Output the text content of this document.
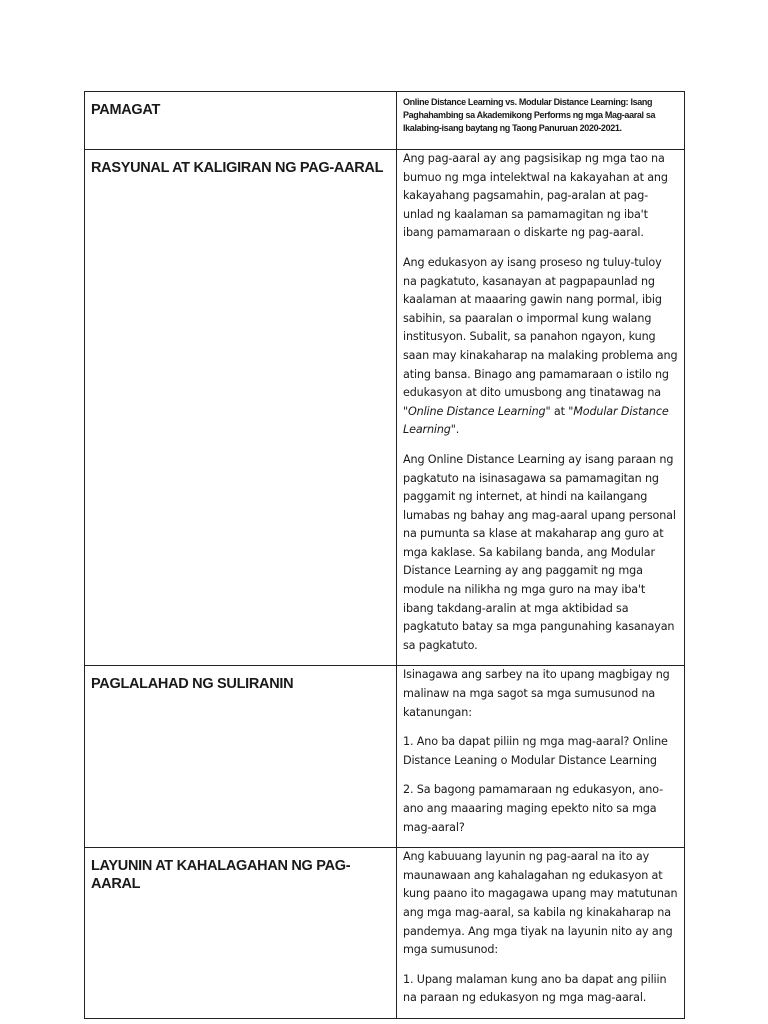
PAMAGAT	Online Distance Learning vs. Modular Distance Learning: Isang Paghahambing sa Akademikong Performs ng mga Mag-aaral sa Ikalabing-isang baytang ng Taong Panuruan 2020-2021.

RASYUNAL AT KALIGIRAN NG PAG-AARAL	Ang pag-aaral ay ang pagsisikap ng mga tao na bumuo ng mga intelektwal na kakayahan at ang kakayahang pagsamahin, pag-aralan at pag-unlad ng kaalaman sa pamamagitan ng iba't ibang pamamaraan o diskarte ng pag-aaral.

Ang edukasyon ay isang proseso ng tuluy-tuloy na pagkatuto, kasanayan at pagpapaunlad ng kaalaman at maaaring gawin nang pormal, ibig sabihin, sa paaralan o impormal kung walang institusyon. Subalit, sa panahon ngayon, kung saan may kinakaharap na malaking problema ang ating bansa. Binago ang pamamaraan o istilo ng edukasyon at dito umusbong ang tinatawag na "Online Distance Learning" at "Modular Distance Learning".

Ang Online Distance Learning ay isang paraan ng pagkatuto na isinasagawa sa pamamagitan ng paggamit ng internet, at hindi na kailangang lumabas ng bahay ang mag-aaral upang personal na pumunta sa klase at makaharap ang guro at mga kaklase. Sa kabilang banda, ang Modular Distance Learning ay ang paggamit ng mga module na nilikha ng mga guro na may iba't ibang takdang-aralin at mga aktibidad sa pagkatuto batay sa mga pangunahing kasanayan sa pagkatuto.

PAGLALAHAD NG SULIRANIN	Isinagawa ang sarbey na ito upang magbigay ng malinaw na mga sagot sa mga sumusunod na katanungan:

1. Ano ba dapat piliin ng mga mag-aaral? Online Distance Leaning o Modular Distance Learning

2. Sa bagong pamamaraan ng edukasyon, ano-ano ang maaaring maging epekto nito sa mga mag-aaral?

LAYUNIN AT KAHALAGAHAN NG PAG-AARAL	Ang kabuuang layunin ng pag-aaral na ito ay maunawaan ang kahalagahan ng edukasyon at kung paano ito magagawa upang may matutunan ang mga mag-aaral, sa kabila ng kinakaharap na pandemya. Ang mga tiyak na layunin nito ay ang mga sumusunod:

1. Upang malaman kung ano ba dapat ang piliin na paraan ng edukasyon ng mga mag-aaral.
